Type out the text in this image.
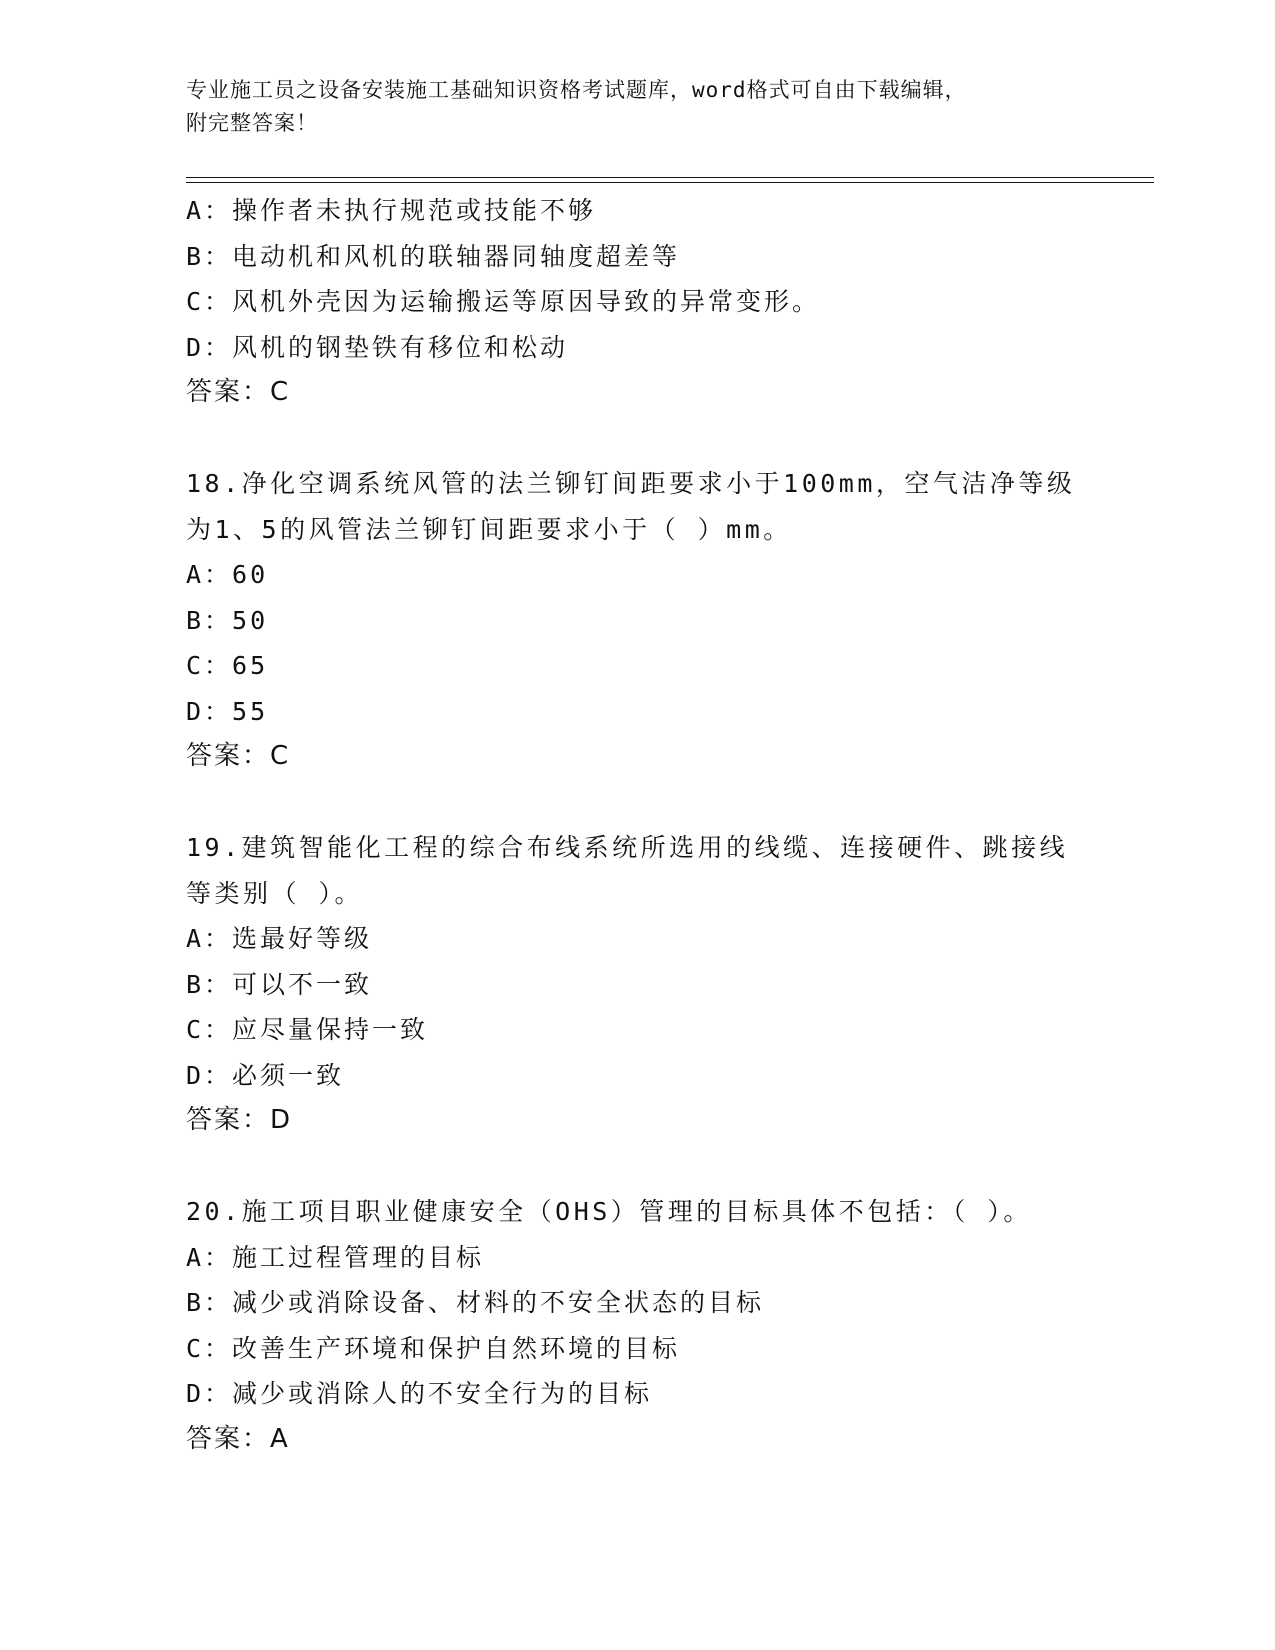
专业施工员之设备安装施工基础知识资格考试题库，word格式可自由下载编辑，
附完整答案！
A：操作者未执行规范或技能不够
B：电动机和风机的联轴器同轴度超差等
C：风机外壳因为运输搬运等原因导致的异常变形。
D：风机的钢垫铁有移位和松动
答案：C
18.净化空调系统风管的法兰铆钉间距要求小于100mm，空气洁净等级
为1、5的风管法兰铆钉间距要求小于（ ）mm。
A：60
B：50
C：65
D：55
答案：C
19.建筑智能化工程的综合布线系统所选用的线缆、连接硬件、跳接线
等类别（ ）。
A：选最好等级
B：可以不一致
C：应尽量保持一致
D：必须一致
答案：D
20.施工项目职业健康安全（OHS）管理的目标具体不包括：（ ）。
A：施工过程管理的目标
B：减少或消除设备、材料的不安全状态的目标
C：改善生产环境和保护自然环境的目标
D：减少或消除人的不安全行为的目标
答案：A
